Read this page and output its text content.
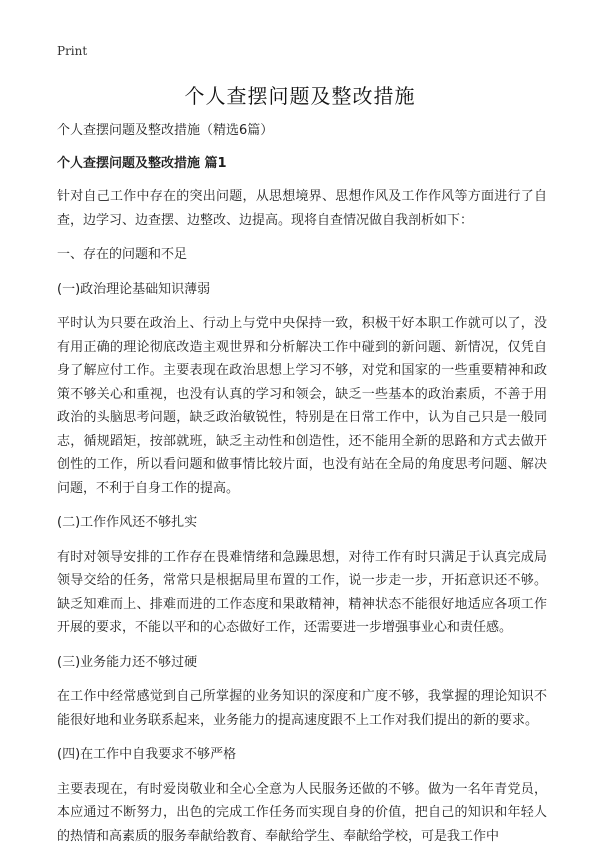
Print
个人查摆问题及整改措施

个人查摆问题及整改措施（精选6篇）

个人查摆问题及整改措施 篇1

针对自己工作中存在的突出问题，从思想境界、思想作风及工作作风等方面进行了自查，边学习、边查摆、边整改、边提高。现将自查情况做自我剖析如下：

一、存在的问题和不足

(一)政治理论基础知识薄弱

平时认为只要在政治上、行动上与党中央保持一致，积极干好本职工作就可以了，没有用正确的理论彻底改造主观世界和分析解决工作中碰到的新问题、新情况，仅凭自身了解应付工作。主要表现在政治思想上学习不够，对党和国家的一些重要精神和政策不够关心和重视，也没有认真的学习和领会，缺乏一些基本的政治素质，不善于用政治的头脑思考问题，缺乏政治敏锐性，特别是在日常工作中，认为自己只是一般同志，循规蹈矩，按部就班，缺乏主动性和创造性，还不能用全新的思路和方式去做开创性的工作，所以看问题和做事情比较片面，也没有站在全局的角度思考问题、解决问题，不利于自身工作的提高。

(二)工作作风还不够扎实

有时对领导安排的工作存在畏难情绪和急躁思想，对待工作有时只满足于认真完成局领导交给的任务，常常只是根据局里布置的工作，说一步走一步，开拓意识还不够。缺乏知难而上、排难而进的工作态度和果敢精神，精神状态不能很好地适应各项工作开展的要求，不能以平和的心态做好工作，还需要进一步增强事业心和责任感。

(三)业务能力还不够过硬

在工作中经常感觉到自己所掌握的业务知识的深度和广度不够，我掌握的理论知识不能很好地和业务联系起来，业务能力的提高速度跟不上工作对我们提出的新的要求。

(四)在工作中自我要求不够严格

主要表现在，有时爱岗敬业和全心全意为人民服务还做的不够。做为一名年青党员，本应通过不断努力，出色的完成工作任务而实现自身的价值，把自己的知识和年轻人的热情和高素质的服务奉献给教育、奉献给学生、奉献给学校，可是我工作中
